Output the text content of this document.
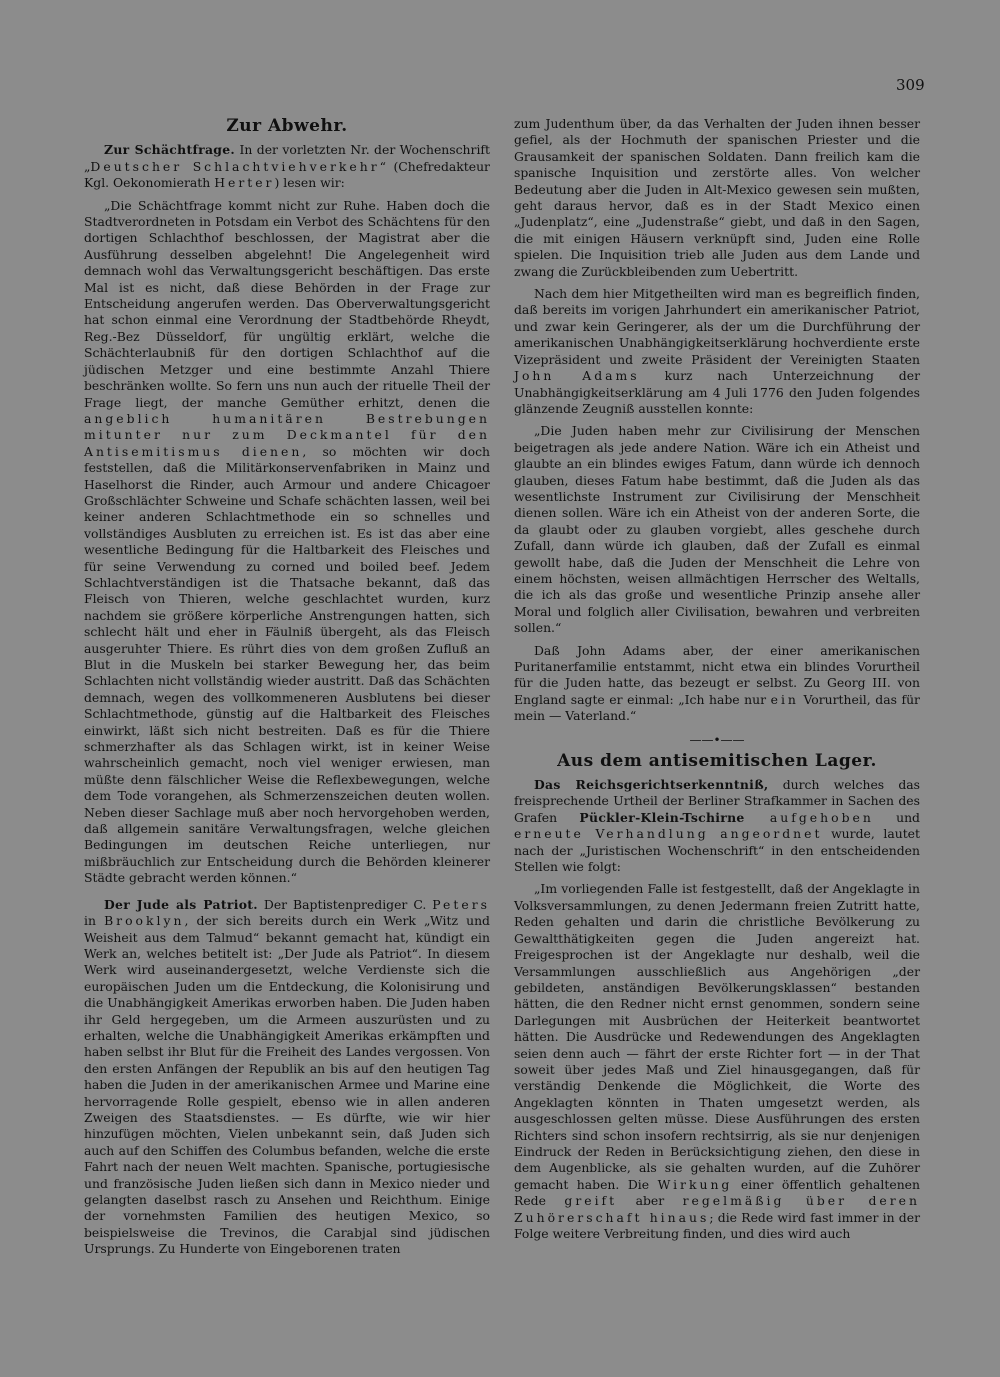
309
Zur Abwehr.

Zur Schächtfrage. In der vorletzten Nr. der Wochenschrift „Deutscher Schlachtviehverkehr“ (Chefredakteur Kgl. Oekonomierath Herter) lesen wir:

„Die Schächtfrage kommt nicht zur Ruhe. Haben doch die Stadtverordneten in Potsdam ein Verbot des Schächtens für den dortigen Schlachthof beschlossen, der Magistrat aber die Ausführung desselben abgelehnt! Die Angelegenheit wird demnach wohl das Verwaltungsgericht beschäftigen. Das erste Mal ist es nicht, daß diese Behörden in der Frage zur Entscheidung angerufen werden. Das Oberverwaltungsgericht hat schon einmal eine Verordnung der Stadtbehörde Rheydt, Reg.-Bez Düsseldorf, für ungültig erklärt, welche die Schächterlaubniß für den dortigen Schlachthof auf die jüdischen Metzger und eine bestimmte Anzahl Thiere beschränken wollte. So fern uns nun auch der rituelle Theil der Frage liegt, der manche Gemüther erhitzt, denen die angeblich humanitären Bestrebungen mitunter nur zum Deckmantel für den Antisemitismus dienen, so möchten wir doch feststellen, daß die Militärkonservenfabriken in Mainz und Haselhorst die Rinder, auch Armour und andere Chicagoer Großschlächter Schweine und Schafe schächten lassen, weil bei keiner anderen Schlachtmethode ein so schnelles und vollständiges Ausbluten zu erreichen ist. Es ist das aber eine wesentliche Bedingung für die Haltbarkeit des Fleisches und für seine Verwendung zu corned und boiled beef. Jedem Schlachtverständigen ist die Thatsache bekannt, daß das Fleisch von Thieren, welche geschlachtet wurden, kurz nachdem sie größere körperliche Anstrengungen hatten, sich schlecht hält und eher in Fäulniß übergeht, als das Fleisch ausgeruhter Thiere. Es rührt dies von dem großen Zufluß an Blut in die Muskeln bei starker Bewegung her, das beim Schlachten nicht vollständig wieder austritt. Daß das Schächten demnach, wegen des vollkommeneren Ausblutens bei dieser Schlachtmethode, günstig auf die Haltbarkeit des Fleisches einwirkt, läßt sich nicht bestreiten. Daß es für die Thiere schmerzhafter als das Schlagen wirkt, ist in keiner Weise wahrscheinlich gemacht, noch viel weniger erwiesen, man müßte denn fälschlicher Weise die Reflexbewegungen, welche dem Tode vorangehen, als Schmerzenszeichen deuten wollen. Neben dieser Sachlage muß aber noch hervorgehoben werden, daß allgemein sanitäre Verwaltungsfragen, welche gleichen Bedingungen im deutschen Reiche unterliegen, nur mißbräuchlich zur Entscheidung durch die Behörden kleinerer Städte gebracht werden können.“

Der Jude als Patriot. Der Baptistenprediger C. Peters in Brooklyn, der sich bereits durch ein Werk „Witz und Weisheit aus dem Talmud“ bekannt gemacht hat, kündigt ein Werk an, welches betitelt ist: „Der Jude als Patriot“. In diesem Werk wird auseinandergesetzt, welche Verdienste sich die europäischen Juden um die Entdeckung, die Kolonisirung und die Unabhängigkeit Amerikas erworben haben. Die Juden haben ihr Geld hergegeben, um die Armeen auszurüsten und zu erhalten, welche die Unabhängigkeit Amerikas erkämpften und haben selbst ihr Blut für die Freiheit des Landes vergossen. Von den ersten Anfängen der Republik an bis auf den heutigen Tag haben die Juden in der amerikanischen Armee und Marine eine hervorragende Rolle gespielt, ebenso wie in allen anderen Zweigen des Staatsdienstes. — Es dürfte, wie wir hier hinzufügen möchten, Vielen unbekannt sein, daß Juden sich auch auf den Schiffen des Columbus befanden, welche die erste Fahrt nach der neuen Welt machten. Spanische, portugiesische und französische Juden ließen sich dann in Mexico nieder und gelangten daselbst rasch zu Ansehen und Reichthum. Einige der vornehmsten Familien des heutigen Mexico, so beispielsweise die Trevinos, die Carabjal sind jüdischen Ursprungs. Zu Hunderte von Eingeborenen traten

zum Judenthum über, da das Verhalten der Juden ihnen besser gefiel, als der Hochmuth der spanischen Priester und die Grausamkeit der spanischen Soldaten. Dann freilich kam die spanische Inquisition und zerstörte alles. Von welcher Bedeutung aber die Juden in Alt-Mexico gewesen sein mußten, geht daraus hervor, daß es in der Stadt Mexico einen „Judenplatz“, eine „Judenstraße“ giebt, und daß in den Sagen, die mit einigen Häusern verknüpft sind, Juden eine Rolle spielen. Die Inquisition trieb alle Juden aus dem Lande und zwang die Zurückbleibenden zum Uebertritt.

Nach dem hier Mitgetheilten wird man es begreiflich finden, daß bereits im vorigen Jahrhundert ein amerikanischer Patriot, und zwar kein Geringerer, als der um die Durchführung der amerikanischen Unabhängigkeitserklärung hochverdiente erste Vizepräsident und zweite Präsident der Vereinigten Staaten John Adams kurz nach Unterzeichnung der Unabhängigkeitserklärung am 4 Juli 1776 den Juden folgendes glänzende Zeugniß ausstellen konnte:

„Die Juden haben mehr zur Civilisirung der Menschen beigetragen als jede andere Nation. Wäre ich ein Atheist und glaubte an ein blindes ewiges Fatum, dann würde ich dennoch glauben, dieses Fatum habe bestimmt, daß die Juden als das wesentlichste Instrument zur Civilisirung der Menschheit dienen sollen. Wäre ich ein Atheist von der anderen Sorte, die da glaubt oder zu glauben vorgiebt, alles geschehe durch Zufall, dann würde ich glauben, daß der Zufall es einmal gewollt habe, daß die Juden der Menschheit die Lehre von einem höchsten, weisen allmächtigen Herrscher des Weltalls, die ich als das große und wesentliche Prinzip ansehe aller Moral und folglich aller Civilisation, bewahren und verbreiten sollen.“

Daß John Adams aber, der einer amerikanischen Puritanerfamilie entstammt, nicht etwa ein blindes Vorurtheil für die Juden hatte, das bezeugt er selbst. Zu Georg III. von England sagte er einmal: „Ich habe nur ein Vorurtheil, das für mein — Vaterland.“

——•——
Aus dem antisemitischen Lager.

Das Reichsgerichtserkenntniß, durch welches das freisprechende Urtheil der Berliner Strafkammer in Sachen des Grafen Pückler-Klein-Tschirne aufgehoben und erneute Verhandlung angeordnet wurde, lautet nach der „Juristischen Wochenschrift“ in den entscheidenden Stellen wie folgt:

„Im vorliegenden Falle ist festgestellt, daß der Angeklagte in Volksversammlungen, zu denen Jedermann freien Zutritt hatte, Reden gehalten und darin die christliche Bevölkerung zu Gewaltthätigkeiten gegen die Juden angereizt hat. Freigesprochen ist der Angeklagte nur deshalb, weil die Versammlungen ausschließlich aus Angehörigen „der gebildeten, anständigen Bevölkerungsklassen“ bestanden hätten, die den Redner nicht ernst genommen, sondern seine Darlegungen mit Ausbrüchen der Heiterkeit beantwortet hätten. Die Ausdrücke und Redewendungen des Angeklagten seien denn auch — fährt der erste Richter fort — in der That soweit über jedes Maß und Ziel hinausgegangen, daß für verständig Denkende die Möglichkeit, die Worte des Angeklagten könnten in Thaten umgesetzt werden, als ausgeschlossen gelten müsse. Diese Ausführungen des ersten Richters sind schon insofern rechtsirrig, als sie nur denjenigen Eindruck der Reden in Berücksichtigung ziehen, den diese in dem Augenblicke, als sie gehalten wurden, auf die Zuhörer gemacht haben. Die Wirkung einer öffentlich gehaltenen Rede greift aber regelmäßig über deren Zuhörerschaft hinaus; die Rede wird fast immer in der Folge weitere Verbreitung finden, und dies wird auch
